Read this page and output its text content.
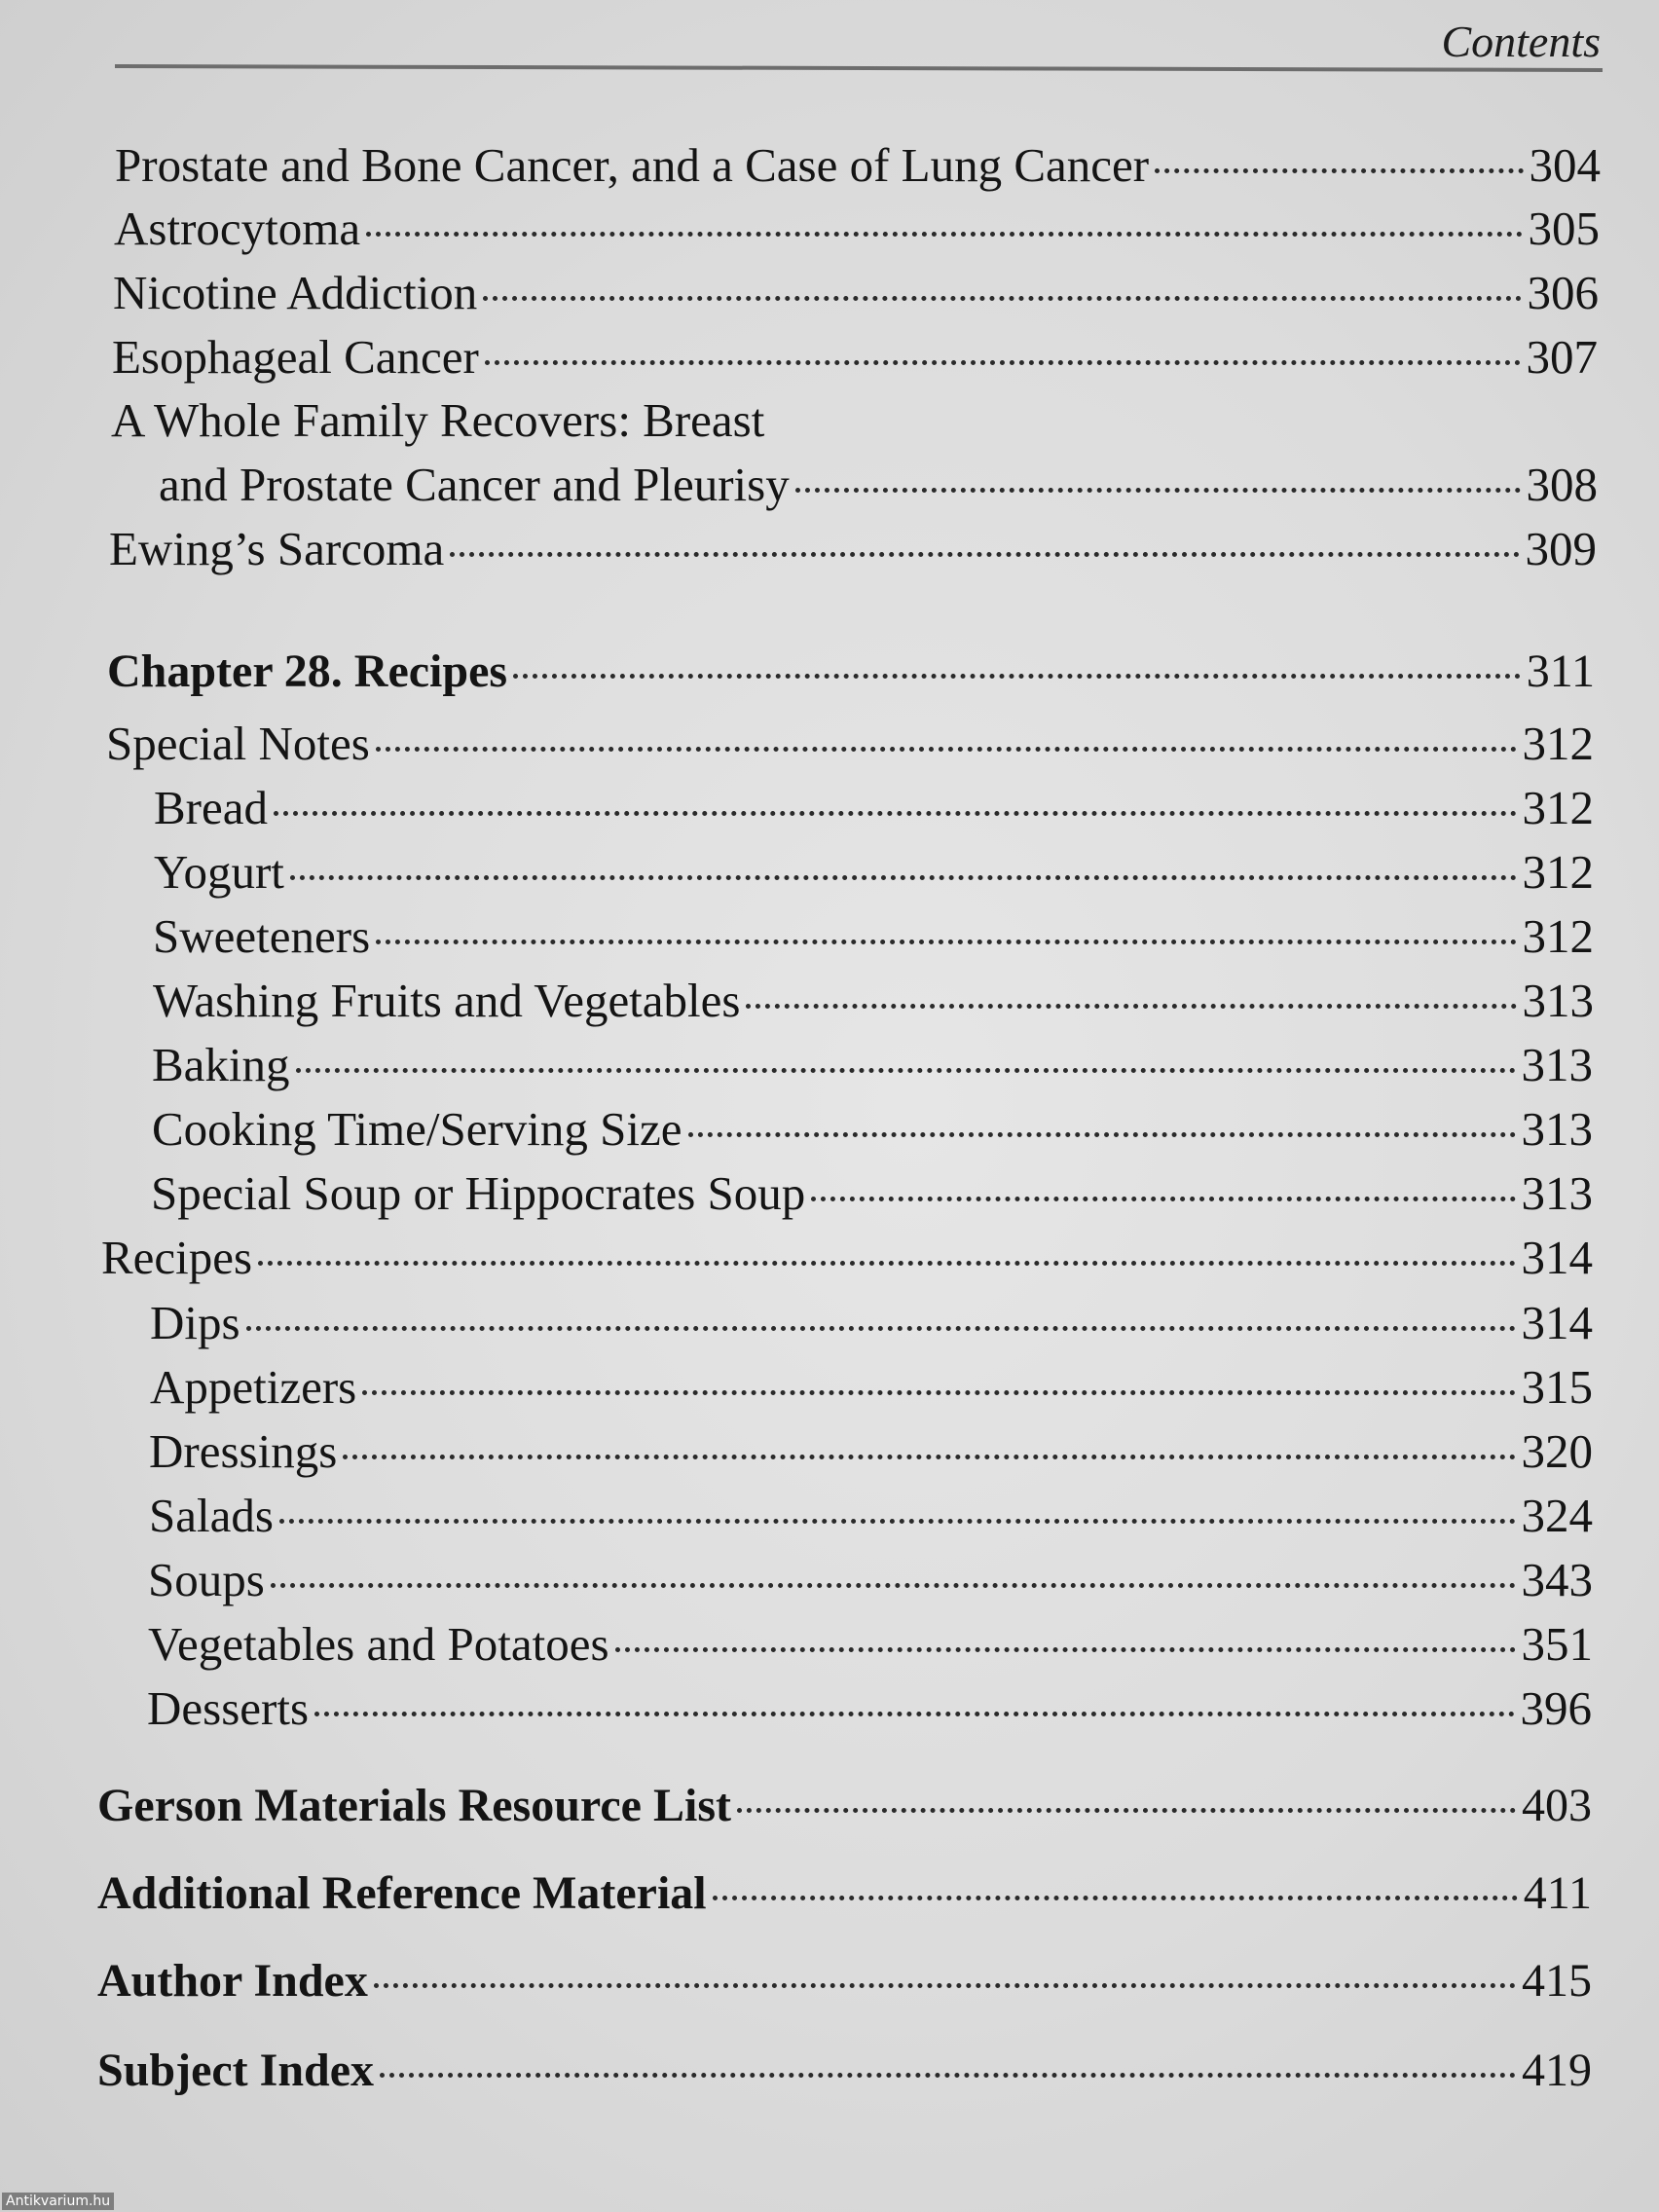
Contents
Prostate and Bone Cancer, and a Case of Lung Cancer	304
Astrocytoma	305
Nicotine Addiction	306
Esophageal Cancer	307
A Whole Family Recovers: Breast
and Prostate Cancer and Pleurisy	308
Ewing’s Sarcoma	309
Chapter 28. Recipes	311
Special Notes	312
Bread	312
Yogurt	312
Sweeteners	312
Washing Fruits and Vegetables	313
Baking	313
Cooking Time/Serving Size	313
Special Soup or Hippocrates Soup	313
Recipes	314
Dips	314
Appetizers	315
Dressings	320
Salads	324
Soups	343
Vegetables and Potatoes	351
Desserts	396
Gerson Materials Resource List	403
Additional Reference Material	411
Author Index	415
Subject Index	419
Antikvarium.hu
